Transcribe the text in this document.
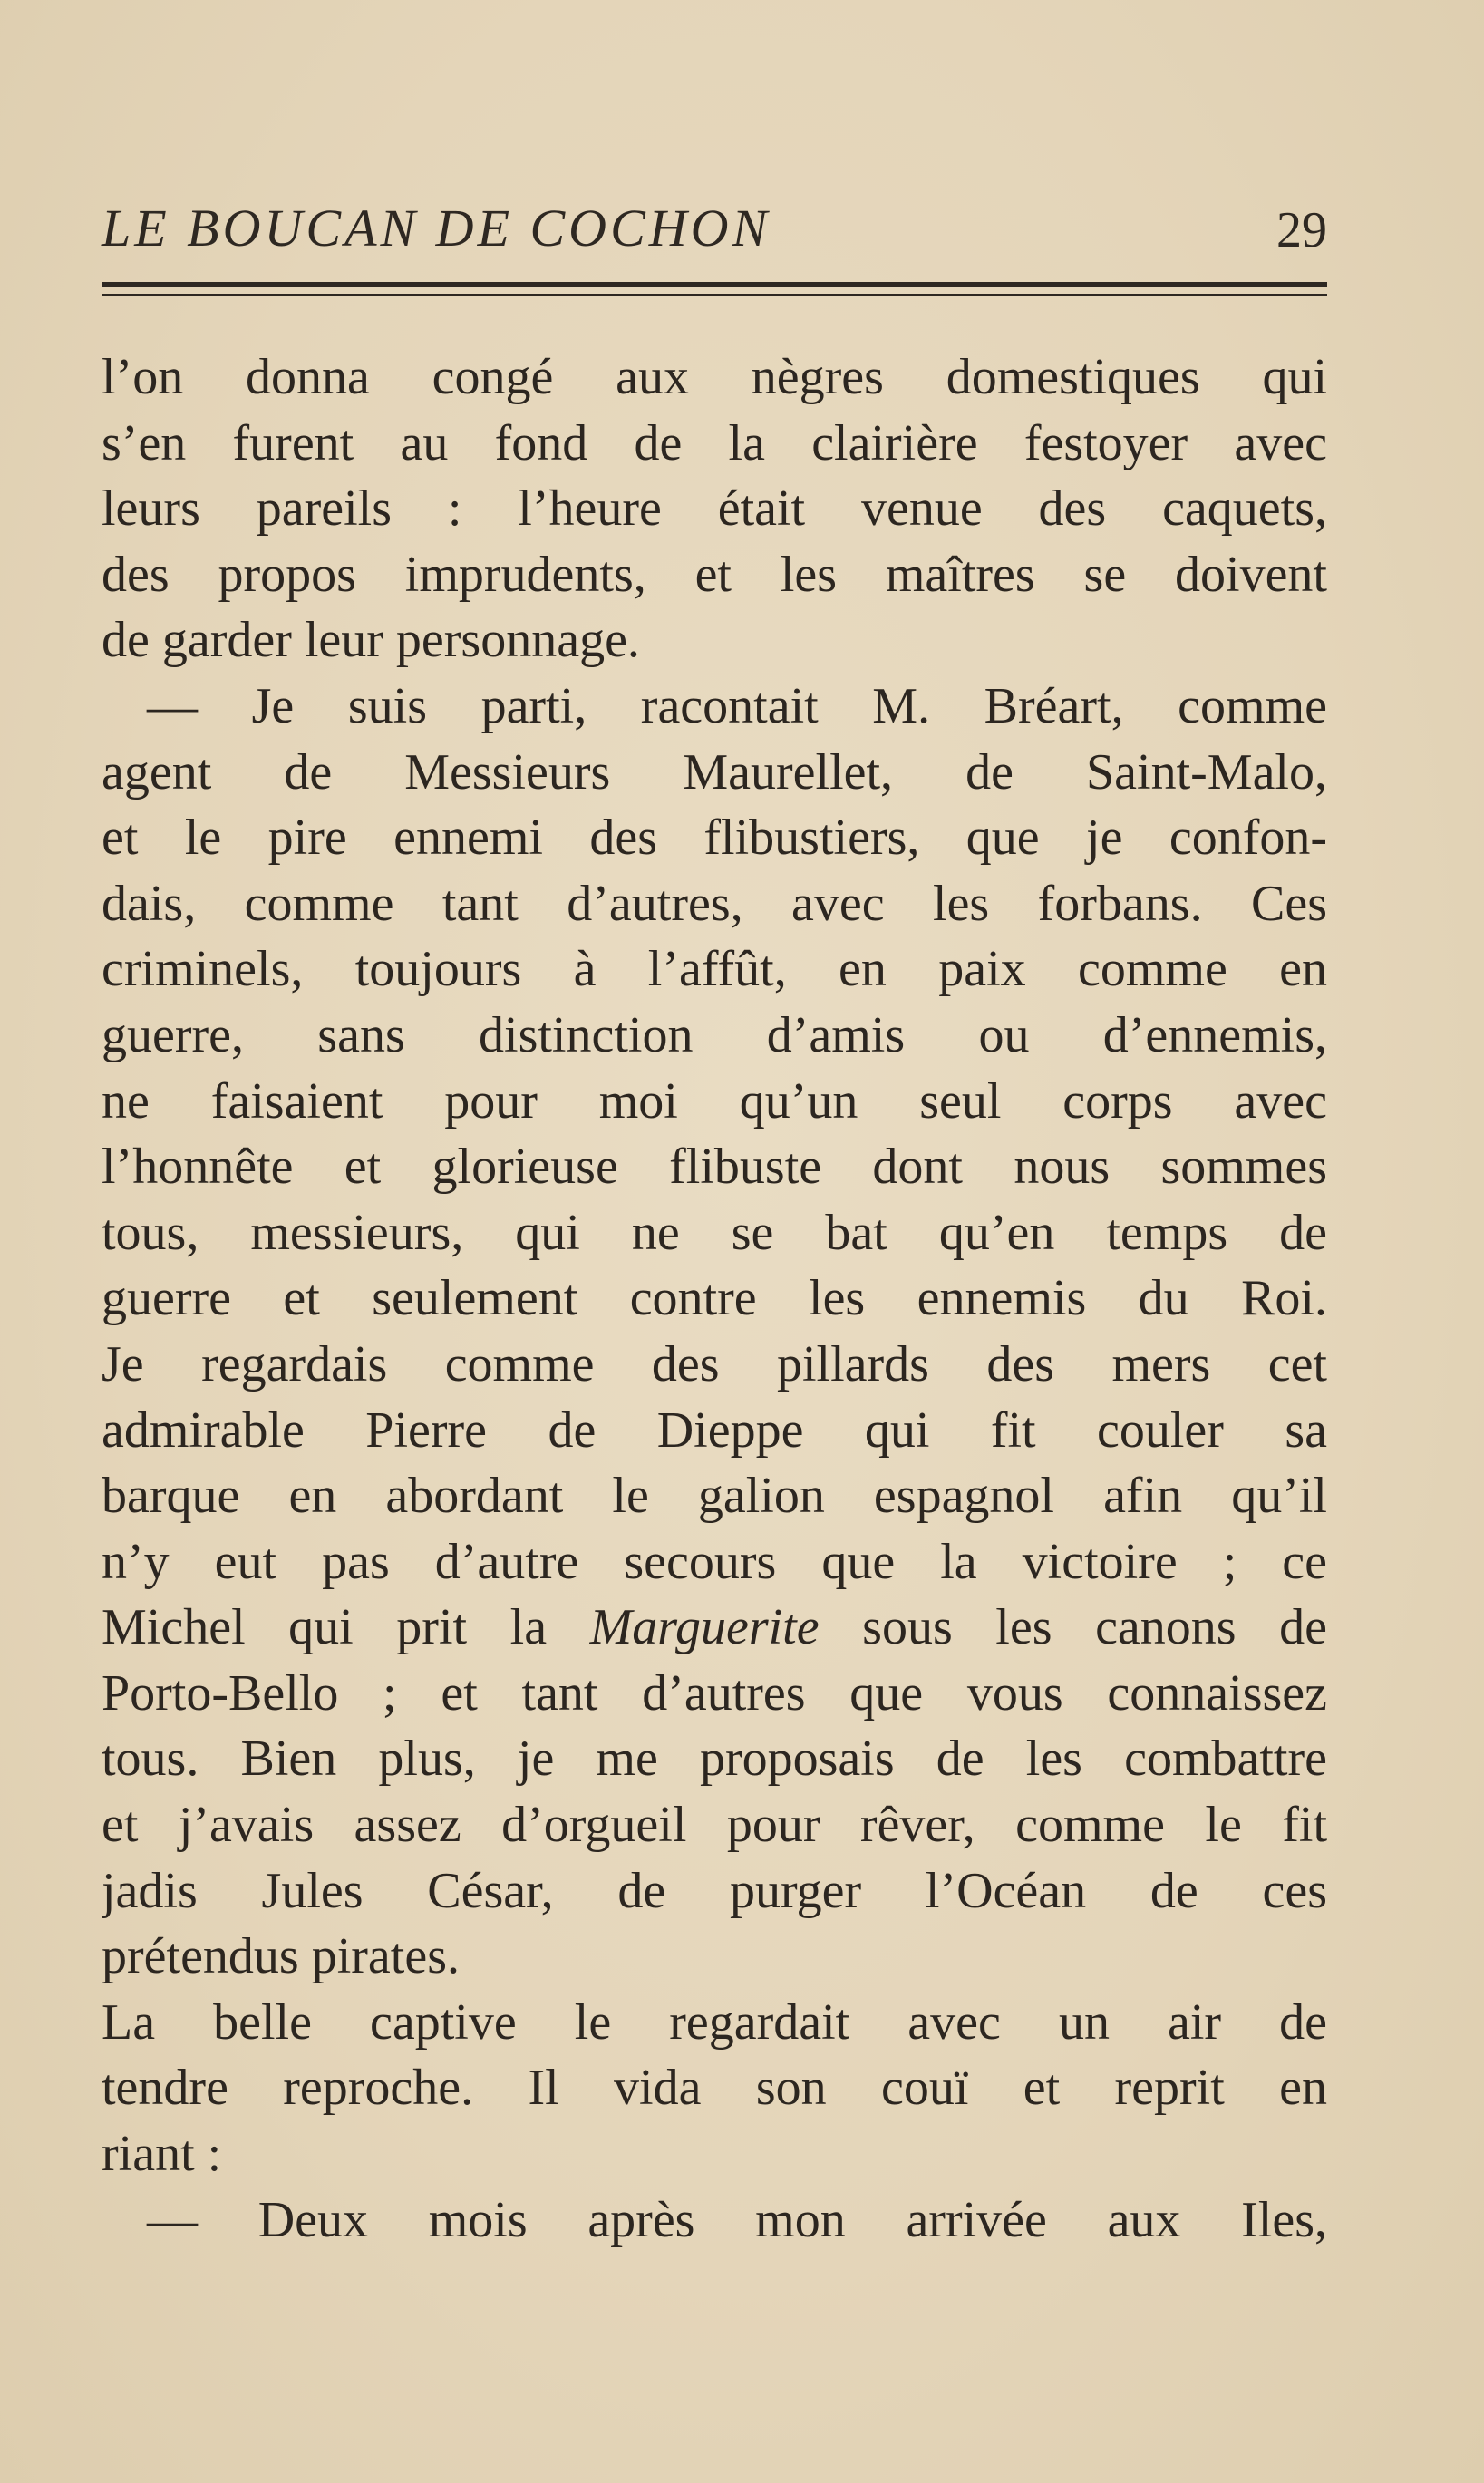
LE BOUCAN DE COCHON	29
l’on donna congé aux nègres domestiques qui
s’en furent au fond de la clairière festoyer avec
leurs pareils : l’heure était venue des caquets,
des propos imprudents, et les maîtres se doivent
de garder leur personnage.
— Je suis parti, racontait M. Bréart, comme
agent de Messieurs Maurellet, de Saint-Malo,
et le pire ennemi des flibustiers, que je confon-
dais, comme tant d’autres, avec les forbans. Ces
criminels, toujours à l’affût, en paix comme en
guerre, sans distinction d’amis ou d’ennemis,
ne faisaient pour moi qu’un seul corps avec
l’honnête et glorieuse flibuste dont nous sommes
tous, messieurs, qui ne se bat qu’en temps de
guerre et seulement contre les ennemis du Roi.
Je regardais comme des pillards des mers cet
admirable Pierre de Dieppe qui fit couler sa
barque en abordant le galion espagnol afin qu’il
n’y eut pas d’autre secours que la victoire ; ce
Michel qui prit la Marguerite sous les canons de
Porto-Bello ; et tant d’autres que vous connaissez
tous. Bien plus, je me proposais de les combattre
et j’avais assez d’orgueil pour rêver, comme le fit
jadis Jules César, de purger l’Océan de ces
prétendus pirates.
La belle captive le regardait avec un air de
tendre reproche. Il vida son couï et reprit en
riant :
— Deux mois après mon arrivée aux Iles,
